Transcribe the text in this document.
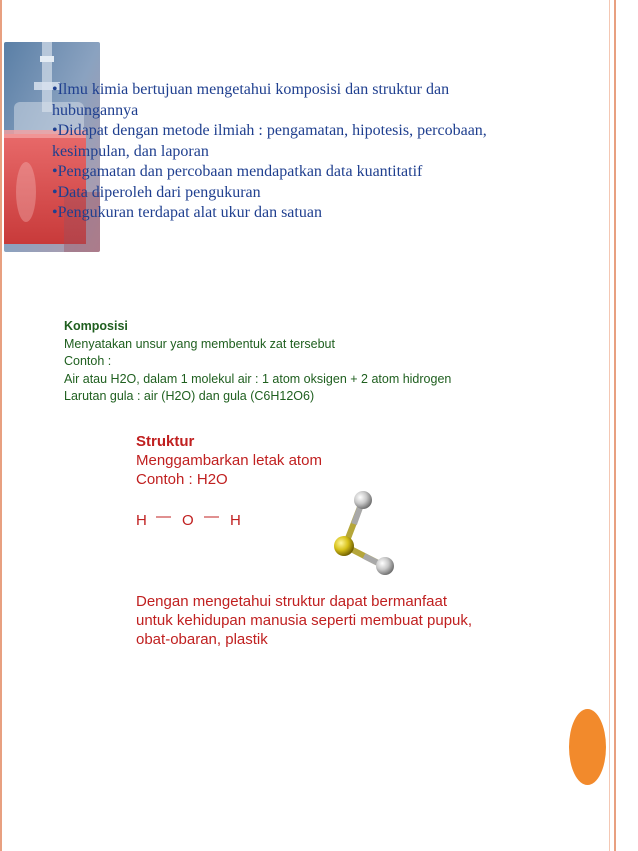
•Ilmu kimia bertujuan mengetahui komposisi dan struktur dan

hubungannya

•Didapat dengan metode ilmiah : pengamatan, hipotesis, percobaan,

kesimpulan, dan laporan

•Pengamatan dan percobaan mendapatkan data kuantitatif

•Data diperoleh dari pengukuran

•Pengukuran terdapat alat ukur dan satuan

Komposisi
Menyatakan unsur yang membentuk zat tersebut
Contoh :
Air atau H2O, dalam 1 molekul air : 1 atom oksigen + 2 atom hidrogen
Larutan gula : air (H2O) dan gula (C6H12O6)
Struktur
Menggambarkan letak atom
Contoh : H2O
H — O — H
Dengan mengetahui struktur dapat bermanfaat
untuk kehidupan manusia seperti membuat pupuk,
obat-obaran, plastik
